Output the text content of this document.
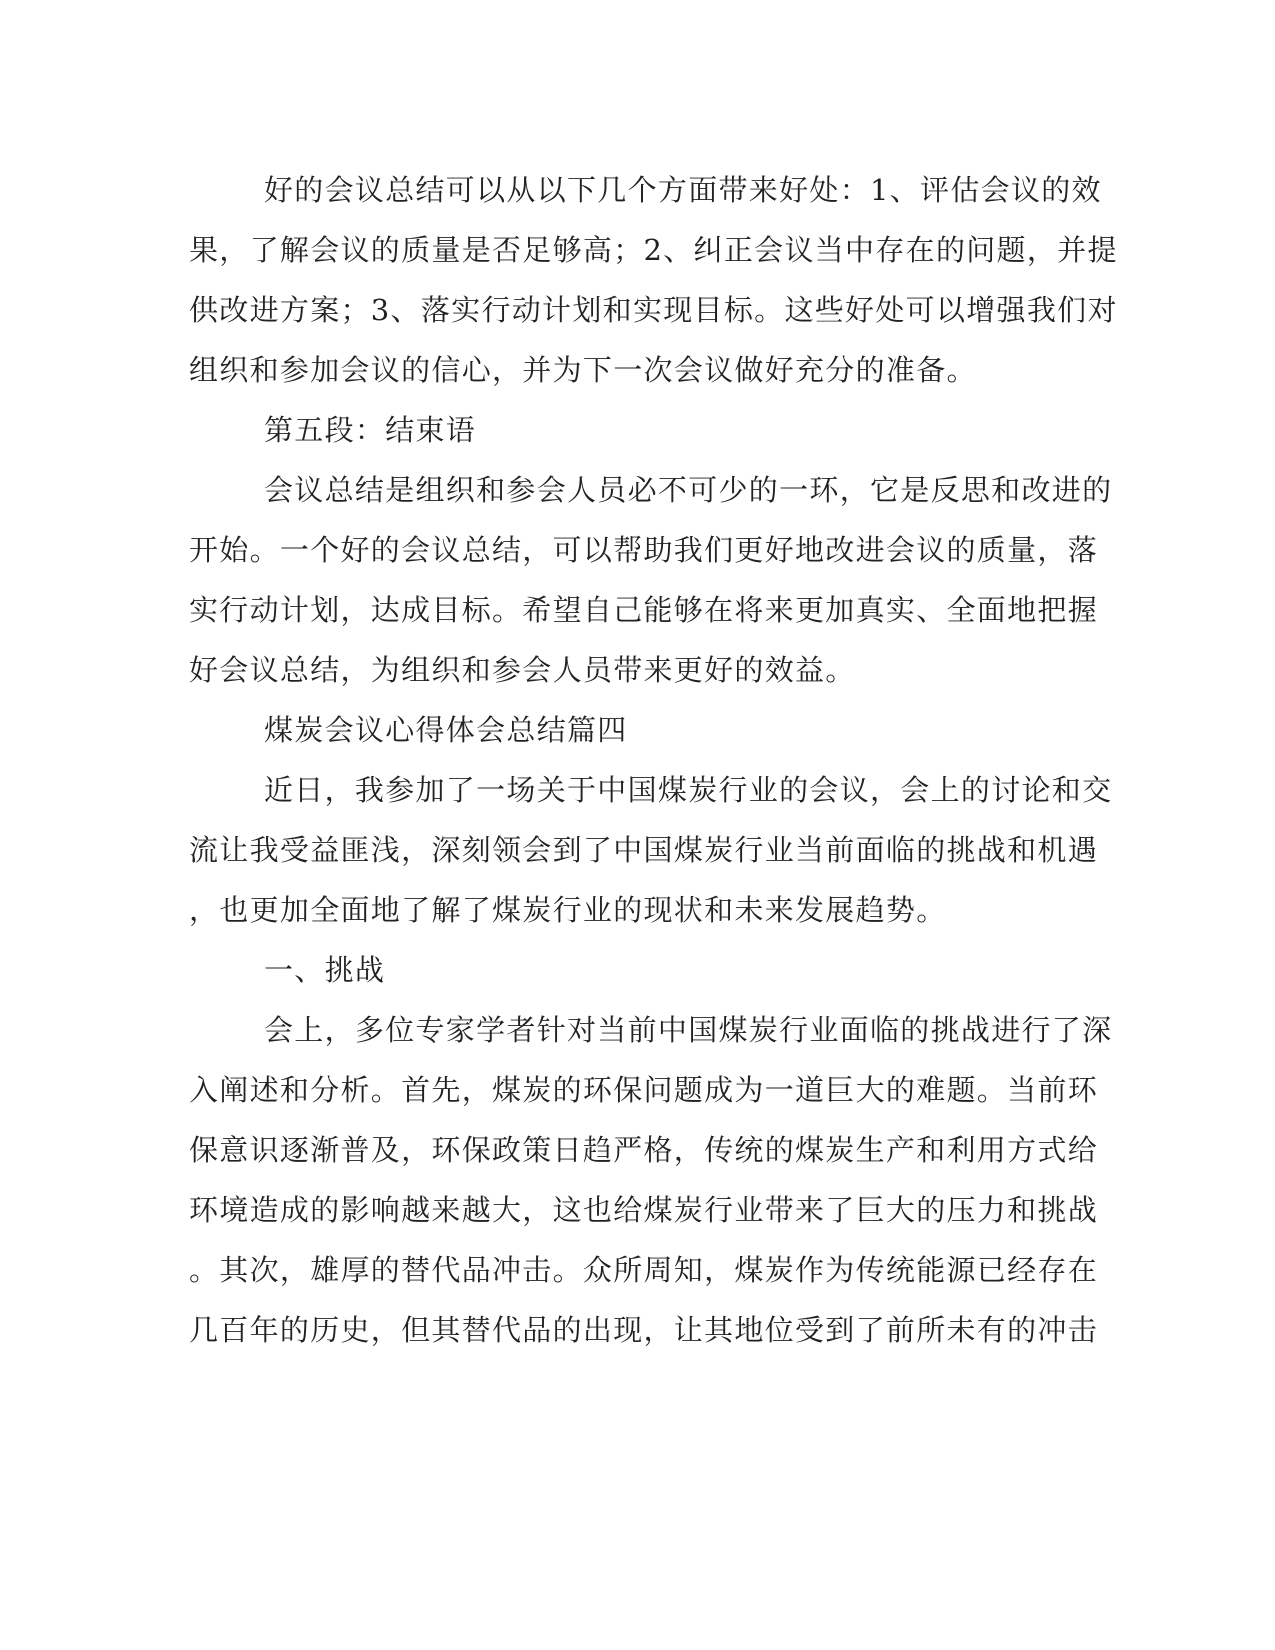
好的会议总结可以从以下几个方面带来好处：1、评估会议的效
果，了解会议的质量是否足够高；2、纠正会议当中存在的问题，并提
供改进方案；3、落实行动计划和实现目标。这些好处可以增强我们对
组织和参加会议的信心，并为下一次会议做好充分的准备。

第五段：结束语

会议总结是组织和参会人员必不可少的一环，它是反思和改进的
开始。一个好的会议总结，可以帮助我们更好地改进会议的质量，落
实行动计划，达成目标。希望自己能够在将来更加真实、全面地把握
好会议总结，为组织和参会人员带来更好的效益。

煤炭会议心得体会总结篇四

近日，我参加了一场关于中国煤炭行业的会议，会上的讨论和交
流让我受益匪浅，深刻领会到了中国煤炭行业当前面临的挑战和机遇
，也更加全面地了解了煤炭行业的现状和未来发展趋势。

一、挑战

会上，多位专家学者针对当前中国煤炭行业面临的挑战进行了深
入阐述和分析。首先，煤炭的环保问题成为一道巨大的难题。当前环
保意识逐渐普及，环保政策日趋严格，传统的煤炭生产和利用方式给
环境造成的影响越来越大，这也给煤炭行业带来了巨大的压力和挑战
。其次，雄厚的替代品冲击。众所周知，煤炭作为传统能源已经存在
几百年的历史，但其替代品的出现，让其地位受到了前所未有的冲击
